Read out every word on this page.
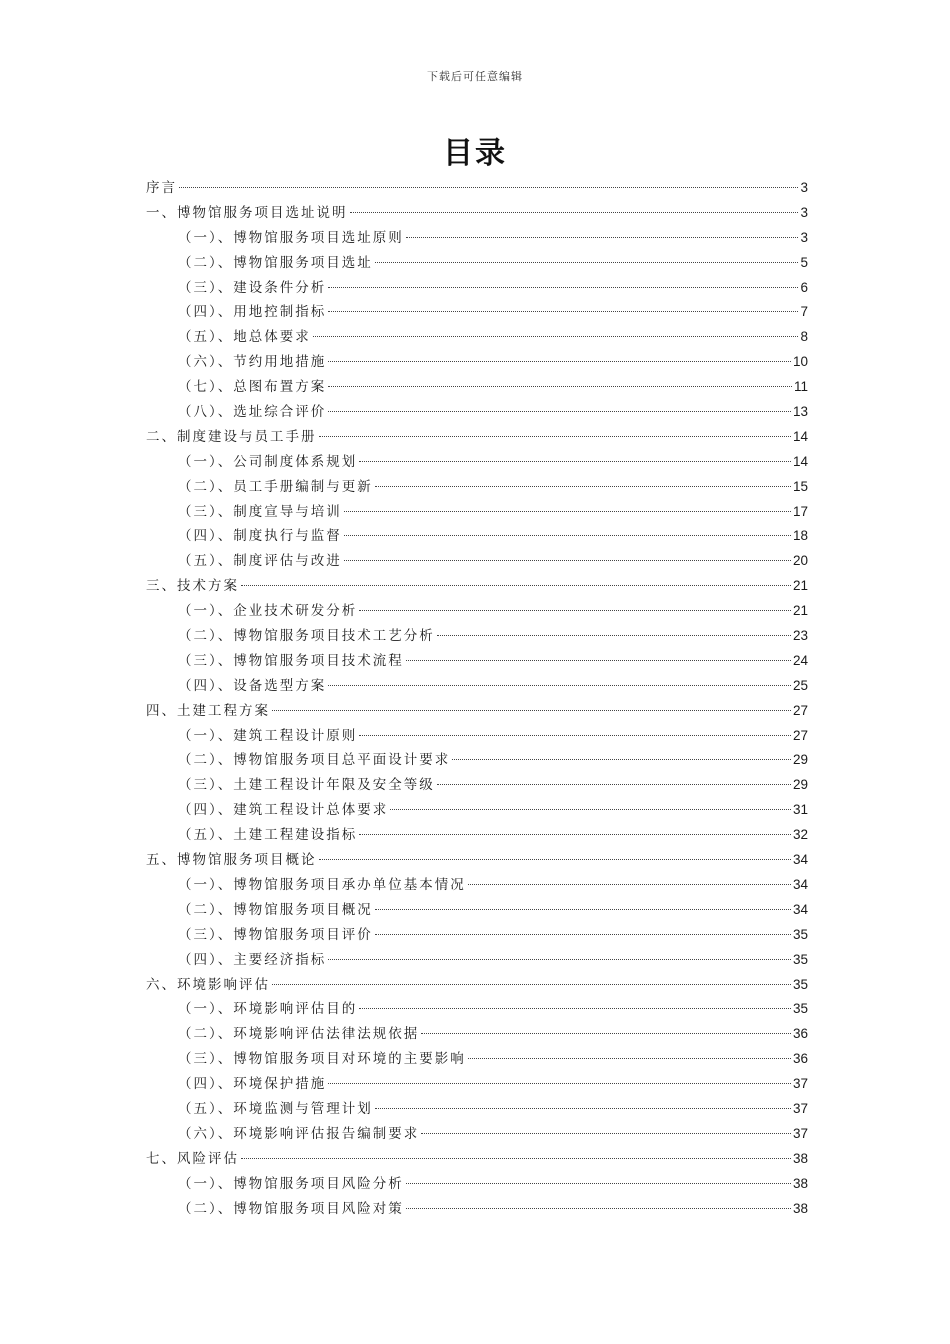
下载后可任意编辑
目录
序言	3
一、博物馆服务项目选址说明	3
（一）、博物馆服务项目选址原则	3
（二）、博物馆服务项目选址	5
（三）、建设条件分析	6
（四）、用地控制指标	7
（五）、地总体要求	8
（六）、节约用地措施	10
（七）、总图布置方案	11
（八）、选址综合评价	13
二、制度建设与员工手册	14
（一）、公司制度体系规划	14
（二）、员工手册编制与更新	15
（三）、制度宣导与培训	17
（四）、制度执行与监督	18
（五）、制度评估与改进	20
三、技术方案	21
（一）、企业技术研发分析	21
（二）、博物馆服务项目技术工艺分析	23
（三）、博物馆服务项目技术流程	24
（四）、设备选型方案	25
四、土建工程方案	27
（一）、建筑工程设计原则	27
（二）、博物馆服务项目总平面设计要求	29
（三）、土建工程设计年限及安全等级	29
（四）、建筑工程设计总体要求	31
（五）、土建工程建设指标	32
五、博物馆服务项目概论	34
（一）、博物馆服务项目承办单位基本情况	34
（二）、博物馆服务项目概况	34
（三）、博物馆服务项目评价	35
（四）、主要经济指标	35
六、环境影响评估	35
（一）、环境影响评估目的	35
（二）、环境影响评估法律法规依据	36
（三）、博物馆服务项目对环境的主要影响	36
（四）、环境保护措施	37
（五）、环境监测与管理计划	37
（六）、环境影响评估报告编制要求	37
七、风险评估	38
（一）、博物馆服务项目风险分析	38
（二）、博物馆服务项目风险对策	38
